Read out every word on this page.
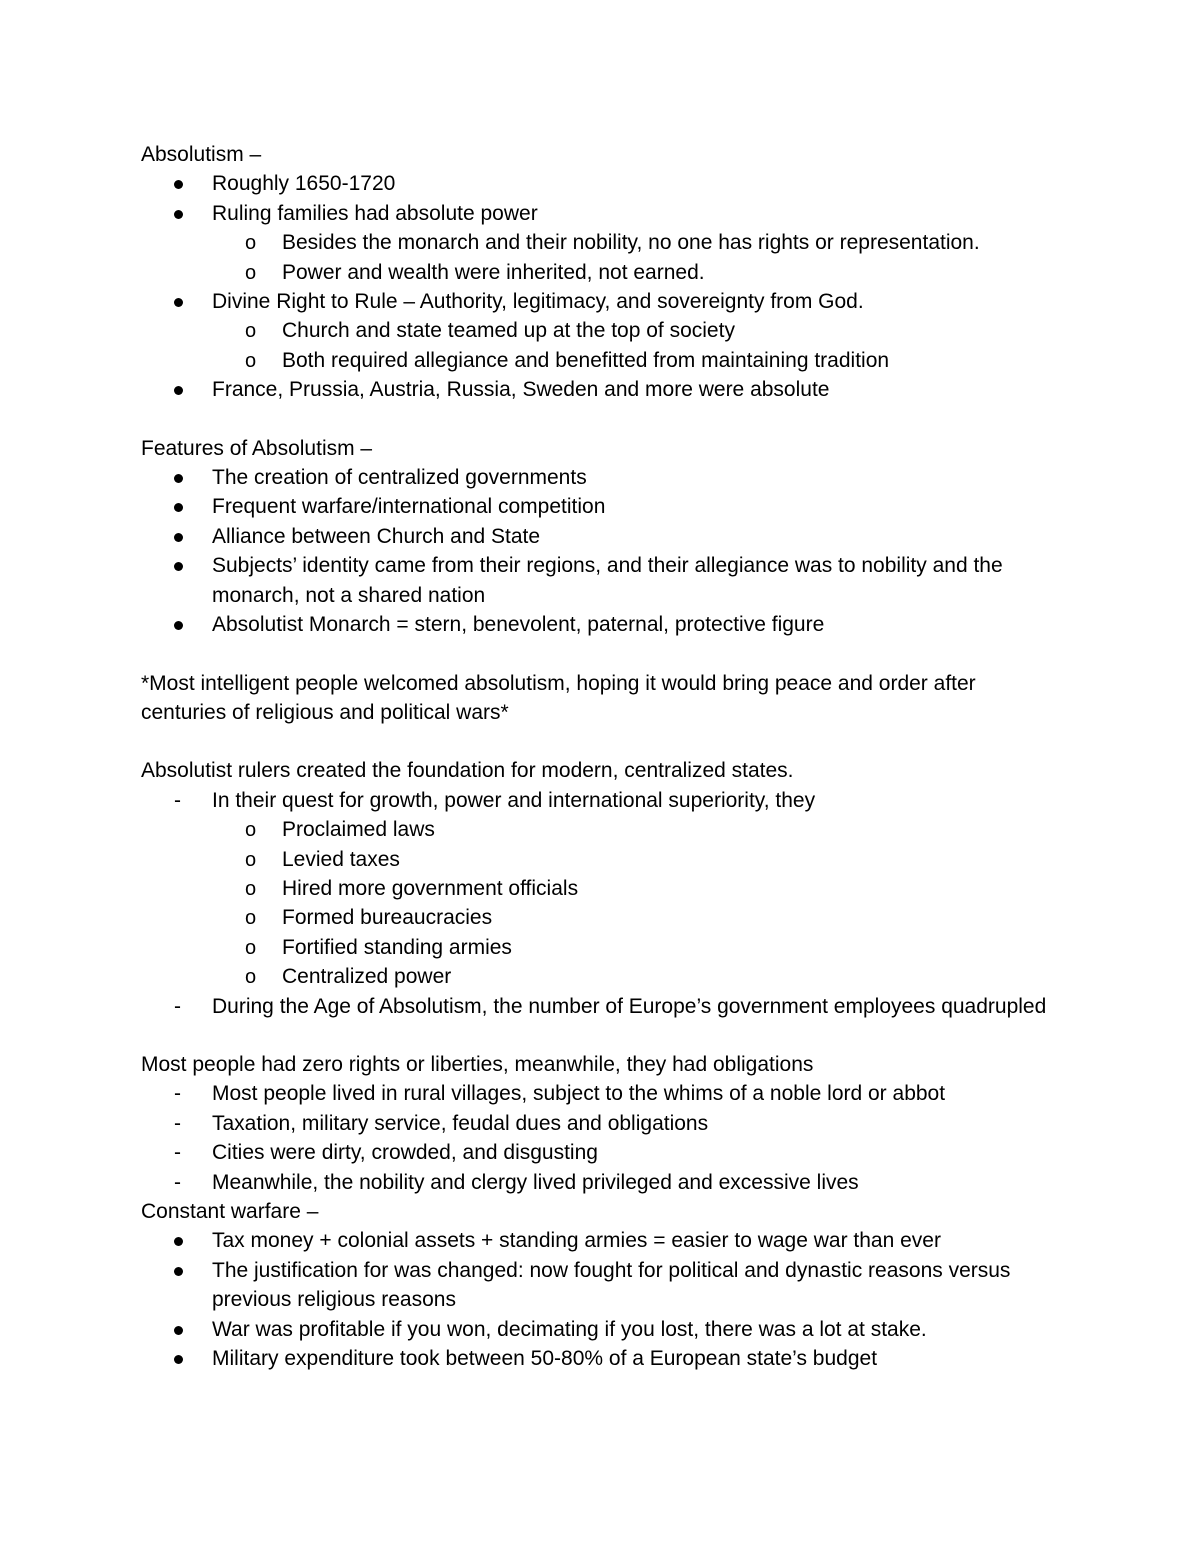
Absolutism –

Roughly 1650-1720
Ruling families had absolute power
o Besides the monarch and their nobility, no one has rights or representation.
o Power and wealth were inherited, not earned.
Divine Right to Rule – Authority, legitimacy, and sovereignty from God.
o Church and state teamed up at the top of society
o Both required allegiance and benefitted from maintaining tradition
France, Prussia, Austria, Russia, Sweden and more were absolute

Features of Absolutism –

The creation of centralized governments
Frequent warfare/international competition
Alliance between Church and State
Subjects’ identity came from their regions, and their allegiance was to nobility and the monarch, not a shared nation
Absolutist Monarch = stern, benevolent, paternal, protective figure

*Most intelligent people welcomed absolutism, hoping it would bring peace and order after centuries of religious and political wars*

Absolutist rulers created the foundation for modern, centralized states.

- In their quest for growth, power and international superiority, they
o Proclaimed laws
o Levied taxes
o Hired more government officials
o Formed bureaucracies
o Fortified standing armies
o Centralized power
- During the Age of Absolutism, the number of Europe’s government employees quadrupled

Most people had zero rights or liberties, meanwhile, they had obligations

- Most people lived in rural villages, subject to the whims of a noble lord or abbot
- Taxation, military service, feudal dues and obligations
- Cities were dirty, crowded, and disgusting
- Meanwhile, the nobility and clergy lived privileged and excessive lives

Constant warfare –

Tax money + colonial assets + standing armies = easier to wage war than ever
The justification for was changed: now fought for political and dynastic reasons versus previous religious reasons
War was profitable if you won, decimating if you lost, there was a lot at stake.
Military expenditure took between 50-80% of a European state’s budget
